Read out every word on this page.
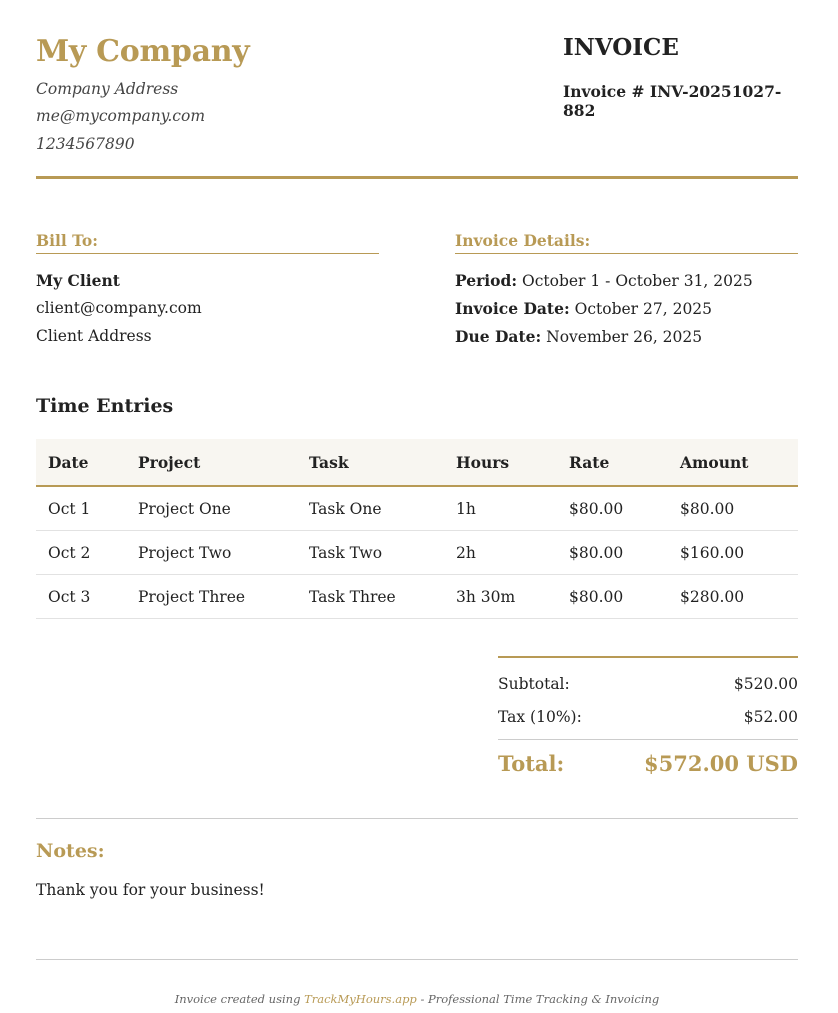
My Company
Company Address
me@mycompany.com
1234567890
INVOICE
Invoice # INV-20251027-882
Bill To:
My Client
client@company.com
Client Address
Invoice Details:
Period: October 1 - October 31, 2025
Invoice Date: October 27, 2025
Due Date: November 26, 2025
Time Entries
Date	Project	Task	Hours	Rate	Amount
Oct 1	Project One	Task One	1h	$80.00	$80.00
Oct 2	Project Two	Task Two	2h	$80.00	$160.00
Oct 3	Project Three	Task Three	3h 30m	$80.00	$280.00
Subtotal:	$520.00
Tax (10%):	$52.00
Total:	$572.00 USD
Notes:
Thank you for your business!
Invoice created using TrackMyHours.app - Professional Time Tracking & Invoicing
